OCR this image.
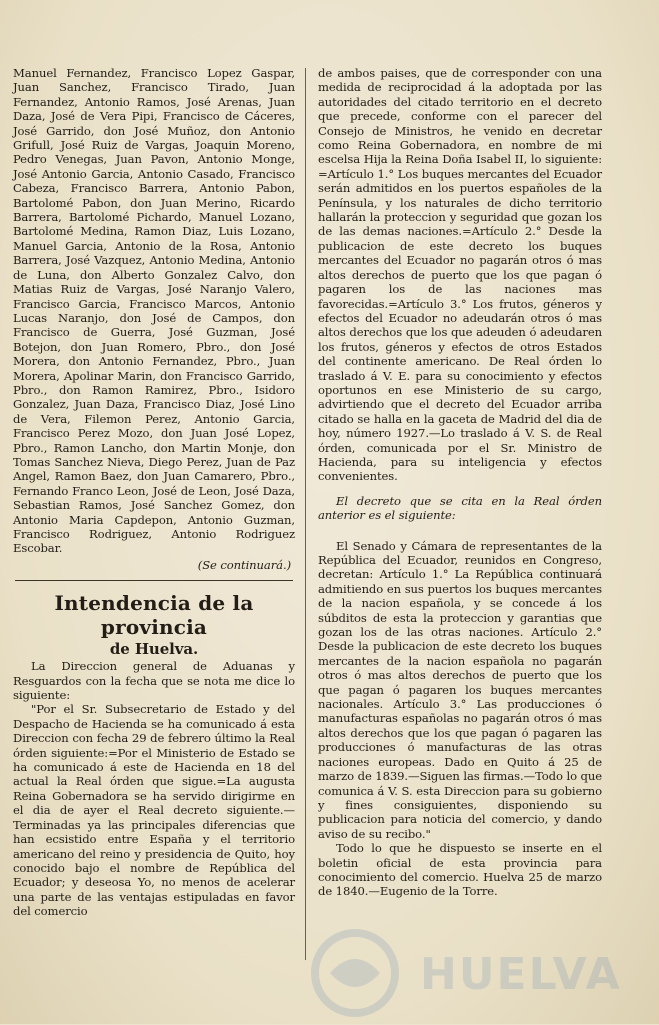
Manuel Fernandez, Francisco Lopez Gaspar, Juan Sanchez, Francisco Tirado, Juan Fernandez, Antonio Ramos, José Arenas, Juan Daza, José de Vera Pipi, Francisco de Cáceres, José Garrido, don José Muñoz, don Antonio Grifull, José Ruiz de Vargas, Joaquin Moreno, Pedro Venegas, Juan Pavon, Antonio Monge, José Antonio Garcia, Antonio Casado, Francisco Cabeza, Francisco Barrera, Antonio Pabon, Bartolomé Pabon, don Juan Merino, Ricardo Barrera, Bartolomé Pichardo, Manuel Lozano, Bartolomé Medina, Ramon Diaz, Luis Lozano, Manuel Garcia, Antonio de la Rosa, Antonio Barrera, José Vazquez, Antonio Medina, Antonio de Luna, don Alberto Gonzalez Calvo, don Matias Ruiz de Vargas, José Naranjo Valero, Francisco Garcia, Francisco Marcos, Antonio Lucas Naranjo, don José de Campos, don Francisco de Guerra, José Guzman, José Botejon, don Juan Romero, Pbro., don José Morera, don Antonio Fernandez, Pbro., Juan Morera, Apolinar Marin, don Francisco Garrido, Pbro., don Ramon Ramirez, Pbro., Isidoro Gonzalez, Juan Daza, Francisco Diaz, José Lino de Vera, Filemon Perez, Antonio Garcia, Francisco Perez Mozo, don Juan José Lopez, Pbro., Ramon Lancho, don Martin Monje, don Tomas Sanchez Nieva, Diego Perez, Juan de Paz Angel, Ramon Baez, don Juan Camarero, Pbro., Fernando Franco Leon, José de Leon, José Daza, Sebastian Ramos, José Sanchez Gomez, don Antonio Maria Capdepon, Antonio Guzman, Francisco Rodriguez, Antonio Rodriguez Escobar.

(Se continuará.)

Intendencia de la provincia

de Huelva.

La Direccion general de Aduanas y Resguardos con la fecha que se nota me dice lo siguiente:

"Por el Sr. Subsecretario de Estado y del Despacho de Hacienda se ha comunicado á esta Direccion con fecha 29 de febrero último la Real órden siguiente:=Por el Ministerio de Estado se ha comunicado á este de Hacienda en 18 del actual la Real órden que sigue.=La augusta Reina Gobernadora se ha servido dirigirme en el dia de ayer el Real decreto siguiente.—Terminadas ya las principales diferencias que han ecsistido entre España y el territorio americano del reino y presidencia de Quito, hoy conocido bajo el nombre de República del Ecuador; y deseosa Yo, no menos de acelerar una parte de las ventajas estipuladas en favor del comercio

de ambos paises, que de corresponder con una medida de reciprocidad á la adoptada por las autoridades del citado territorio en el decreto que precede, conforme con el parecer del Consejo de Ministros, he venido en decretar como Reina Gobernadora, en nombre de mi escelsa Hija la Reina Doña Isabel II, lo siguiente: =Artículo 1.° Los buques mercantes del Ecuador serán admitidos en los puertos españoles de la Península, y los naturales de dicho territorio hallarán la proteccion y seguridad que gozan los de las demas naciones.=Artículo 2.° Desde la publicacion de este decreto los buques mercantes del Ecuador no pagarán otros ó mas altos derechos de puerto que los que pagan ó pagaren los de las naciones mas favorecidas.=Artículo 3.° Los frutos, géneros y efectos del Ecuador no adeudarán otros ó mas altos derechos que los que adeuden ó adeudaren los frutos, géneros y efectos de otros Estados del continente americano. De Real órden lo traslado á V. E. para su conocimiento y efectos oportunos en ese Ministerio de su cargo, advirtiendo que el decreto del Ecuador arriba citado se halla en la gaceta de Madrid del dia de hoy, número 1927.—Lo traslado á V. S. de Real órden, comunicada por el Sr. Ministro de Hacienda, para su inteligencia y efectos convenientes.

El decreto que se cita en la Real órden anterior es el siguiente:

El Senado y Cámara de representantes de la República del Ecuador, reunidos en Congreso, decretan: Artículo 1.° La República continuará admitiendo en sus puertos los buques mercantes de la nacion española, y se concede á los súbditos de esta la proteccion y garantias que gozan los de las otras naciones. Artículo 2.° Desde la publicacion de este decreto los buques mercantes de la nacion española no pagarán otros ó mas altos derechos de puerto que los que pagan ó pagaren los buques mercantes nacionales. Artículo 3.° Las producciones ó manufacturas españolas no pagarán otros ó mas altos derechos que los que pagan ó pagaren las producciones ó manufacturas de las otras naciones europeas. Dado en Quito á 25 de marzo de 1839.—Siguen las firmas.—Todo lo que comunica á V. S. esta Direccion para su gobierno y fines consiguientes, disponiendo su publicacion para noticia del comercio, y dando aviso de su recibo."

Todo lo que he dispuesto se inserte en el boletin oficial de esta provincia para conocimiento del comercio. Huelva 25 de marzo de 1840.—Eugenio de la Torre.

HUELVA
